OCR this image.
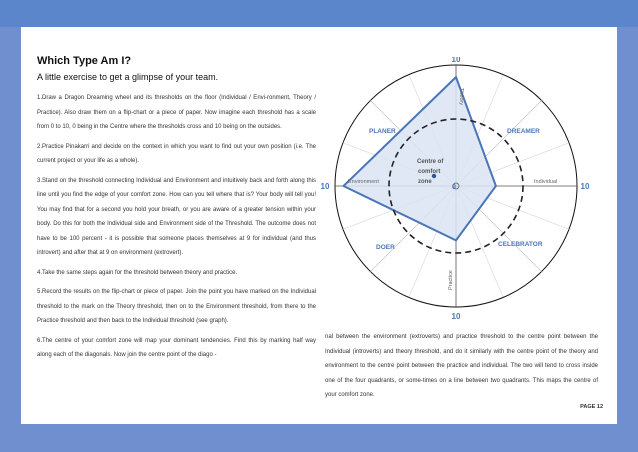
Which Type Am I?
A little exercise to get a glimpse of your team.

1.Draw a Dragon Dreaming wheel and its thresholds on the floor (Individual / Envi-ronment, Theory / Practice). Also draw them on a flip-chart or a piece of paper. Now imagine each threshold has a scale from 0 to 10, 0 being in the Centre where the thresholds cross and 10 being on the outsides.

2.Practice Pinakarri and decide on the context in which you want to find out your own position (i.e. The current project or your life as a whole).

3.Stand on the threshold connecting Individual and Environment and intuitively back and forth along this line until you find the edge of your comfort zone. How can you tell where that is? Your body will tell you! You may find that for a second you hold your breath, or you are aware of a greater tension within your body. Do this for both the Individual side and Environment side of the Threshold. The outcome does not have to be 100 percent - it is possible that someone places themselves at 9 for individual (and thus introvert) and after that at 9 on environment (extrovert).

4.Take the same steps again for the threshold between theory and practice.

5.Record the results on the flip-chart or piece of paper. Join the point you have marked on the Individual threshold to the mark on the Theory threshold, then on to the Environment threshold, from there to the Practice threshold and then back to the Individual threshold (see graph).

6.The centre of your comfort zone will map your dominant tendencies. Find this by marking half way along each of the diagonals. Now join the centre point of the diago -

nal between the environment (extroverts) and practice threshold to the centre point between the Individual (introverts) and theory threshold, and do it similarly with the centre point of the theory and environment to the centre point between the practice and individual. The two will tend to cross inside one of the four quadrants, or some-times on a line between two quadrants. This maps the centre of your comfort zone.
PAGE 12
10
10
10	10
Theory
Practice
Environment	Individual
PLANER	DREAMER
DOER	CELEBRATOR
Centre of
comfort
zone
0
